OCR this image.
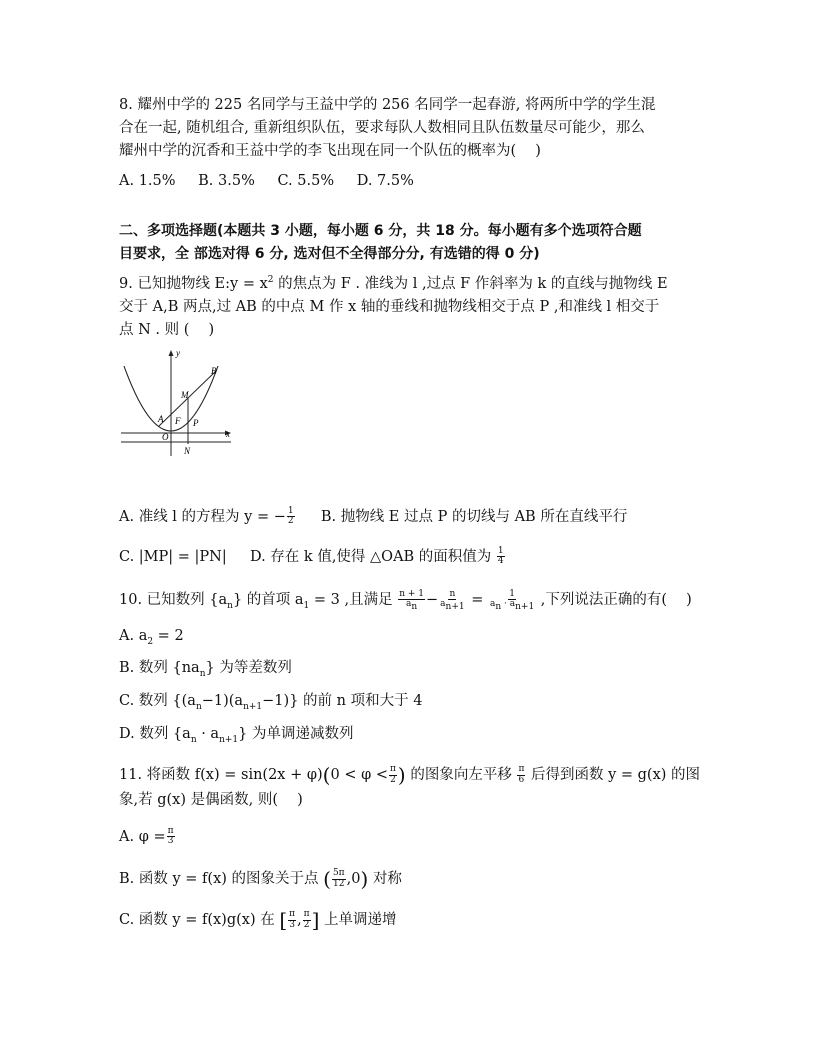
8. 耀州中学的 225 名同学与王益中学的 256 名同学一起春游, 将两所中学的学生混
合在一起, 随机组合, 重新组织队伍，要求每队人数相同且队伍数量尽可能少，那么
耀州中学的沉香和王益中学的李飞出现在同一个队伍的概率为(　 )
A. 1.5% B. 3.5% C. 5.5% D. 7.5%
二、多项选择题(本题共 3 小题，每小题 6 分，共 18 分。每小题有多个选项符合题
目要求，全 部选对得 6 分, 选对但不全得部分分, 有选错的得 0 分)
9. 已知抛物线 E:y = $x^2$ 的焦点为 F . 准线为 l ,过点 F 作斜率为 k 的直线与抛物线 E
交于 A,B 两点,过 AB 的中点 M 作 x 轴的垂线和抛物线相交于点 P ,和准线 l 相交于
点 N . 则 (　 )
y
x
B
M
A F P
O
N
A. 准线 l 的方程为 y = − $\frac{1}{2} B$. 抛物线 E 过点 P 的切线与 AB 所在直线平行
C. |MP| = |PN| D. 存在 k 值,使得 △OAB 的面积值为 $\frac{1}{4}$
10. 已知数列 $\{a_n\}$ 的首项 $a_1 = 3$ ,且满足 $\frac{n + 1}{a_n} - \frac{n}{a_{n+1}} = \frac{1}{a_n \cdot a_{n+1}}$ ,下列说法正确的有(　 )
A. $a_2 = 2$
B. 数列 $\{na_n\}$ 为等差数列
C. 数列 $\{(a_n-1)(a_{n+1}-1)\}$ 的前 n 项和大于 4
D. 数列 $\{a_n \cdot a_{n+1}\}$ 为单调递减数列
11. 将函数 $f(x) = \sin(2x + \varphi)(0 < \varphi < \frac{\pi}{2}$ ) 的图象向左平移 $\frac{\pi}{6}$ 后得到函数 y = g(x) 的图
象,若 g(x) 是偶函数, 则(　 )
A. $\varphi = \frac{\pi}{3}$
B. 函数 y = f(x) 的图象关于点 ( $\frac{5\pi}{12} ,0$) 对称
C. 函数 y = f(x)g(x) 在 [ $\frac{\pi}{3}$ , $\frac{\pi}{2}$ ] 上单调递增
